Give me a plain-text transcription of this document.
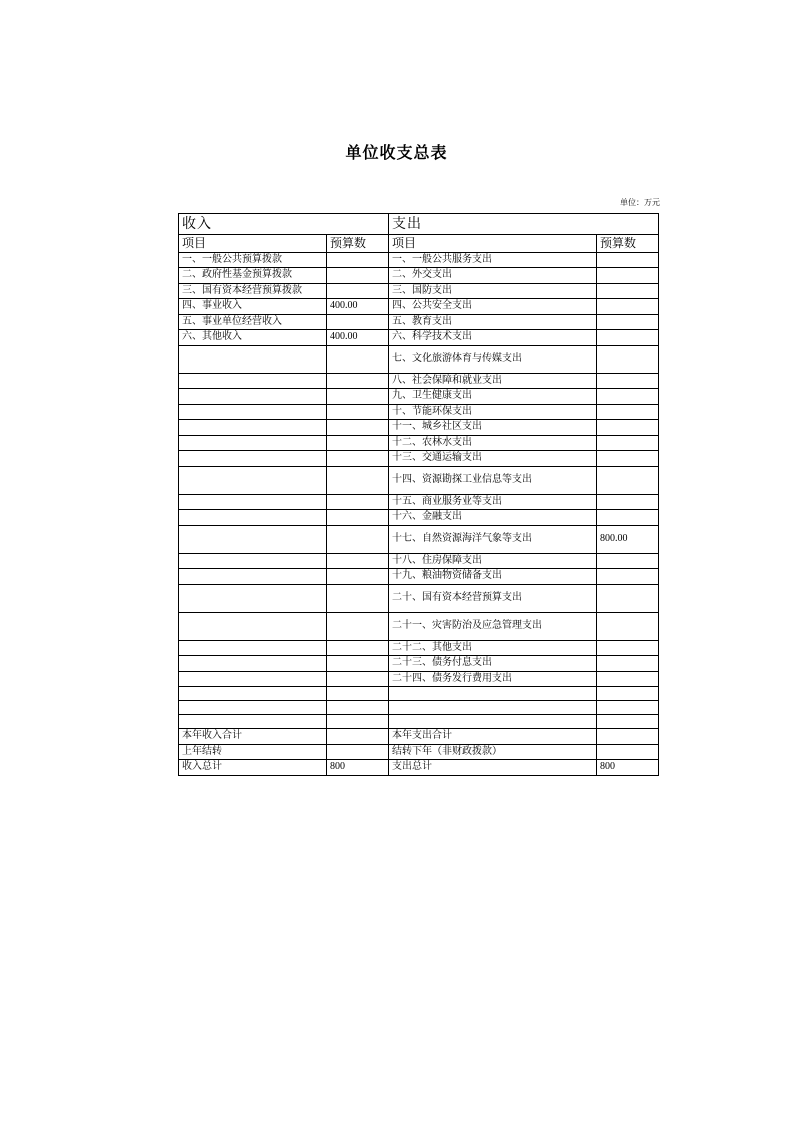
单位收支总表
单位：万元
收入		支出	
项目	预算数	项目	预算数
一、一般公共预算拨款		一、一般公共服务支出	
二、政府性基金预算拨款		二、外交支出	
三、国有资本经营预算拨款		三、国防支出	
四、事业收入	400.00	四、公共安全支出	
五、事业单位经营收入		五、教育支出	
六、其他收入	400.00	六、科学技术支出	
		七、文化旅游体育与传媒支出	
		八、社会保障和就业支出	
		九、卫生健康支出	
		十、节能环保支出	
		十一、城乡社区支出	
		十二、农林水支出	
		十三、交通运输支出	
		十四、资源勘探工业信息等支出	
		十五、商业服务业等支出	
		十六、金融支出	
		十七、自然资源海洋气象等支出	800.00
		十八、住房保障支出	
		十九、粮油物资储备支出	
		二十、国有资本经营预算支出	
		二十一、灾害防治及应急管理支出	
		二十二、其他支出	
		二十三、债务付息支出	
		二十四、债务发行费用支出	

本年收入合计		本年支出合计	
上年结转		结转下年（非财政拨款）	
收入总计	800	支出总计	800
